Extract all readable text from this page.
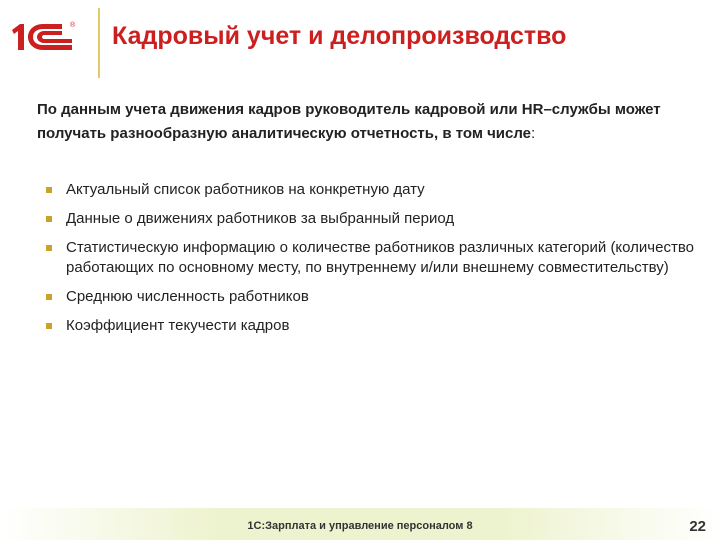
® Кадровый учет и делопроизводство
По данным учета движения кадров руководитель кадровой или HR–службы может получать разнообразную аналитическую отчетность, в том числе:
Актуальный список работников на конкретную дату
Данные о движениях работников за выбранный период
Статистическую информацию о количестве работников различных категорий (количество работающих по основному месту, по внутреннему и/или внешнему совместительству)
Среднюю численность работников
Коэффициент текучести кадров
1С:Зарплата и управление персоналом 8	22
